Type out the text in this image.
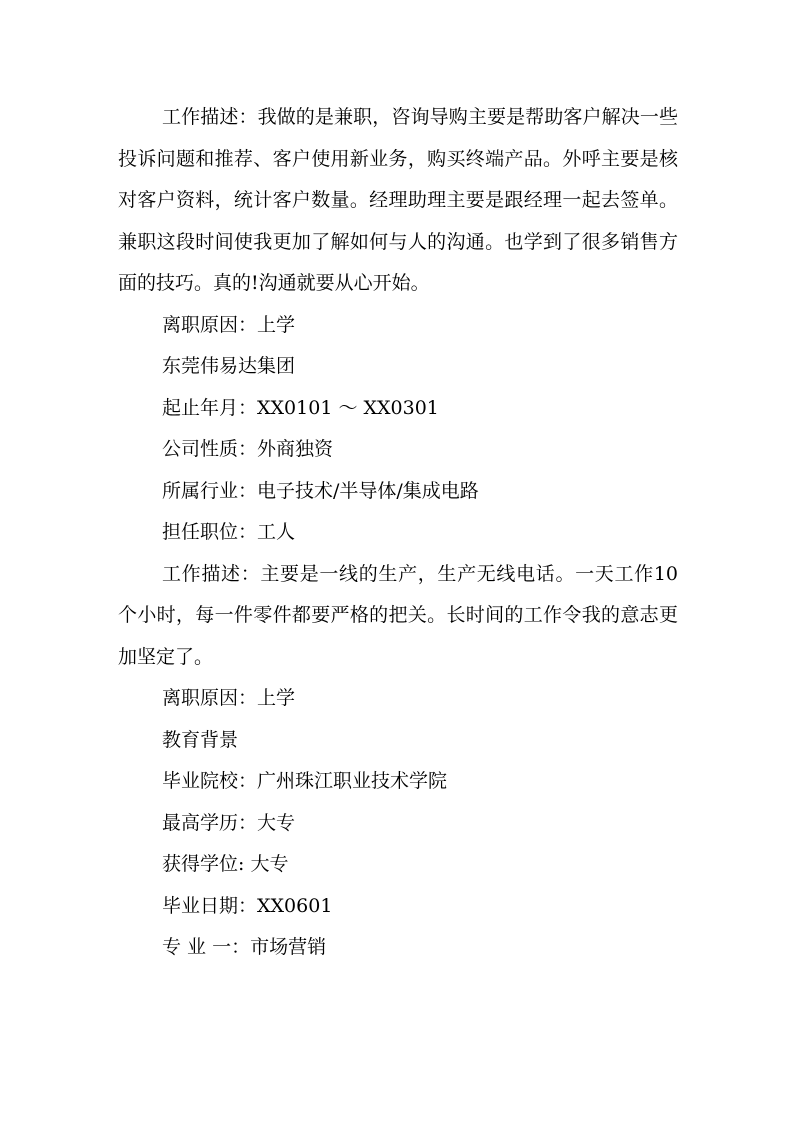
工作描述：我做的是兼职，咨询导购主要是帮助客户解决一些投诉问题和推荐、客户使用新业务，购买终端产品。外呼主要是核对客户资料，统计客户数量。经理助理主要是跟经理一起去签单。兼职这段时间使我更加了解如何与人的沟通。也学到了很多销售方面的技巧。真的!沟通就要从心开始。

离职原因：上学

东莞伟易达集团

起止年月：XX0101 ～ XX0301

公司性质：外商独资

所属行业：电子技术/半导体/集成电路

担任职位：工人

工作描述：主要是一线的生产，生产无线电话。一天工作10个小时，每一件零件都要严格的把关。长时间的工作令我的意志更加坚定了。

离职原因：上学

教育背景

毕业院校：广州珠江职业技术学院

最高学历：大专

获得学位: 大专

毕业日期：XX0601

专 业 一：市场营销
